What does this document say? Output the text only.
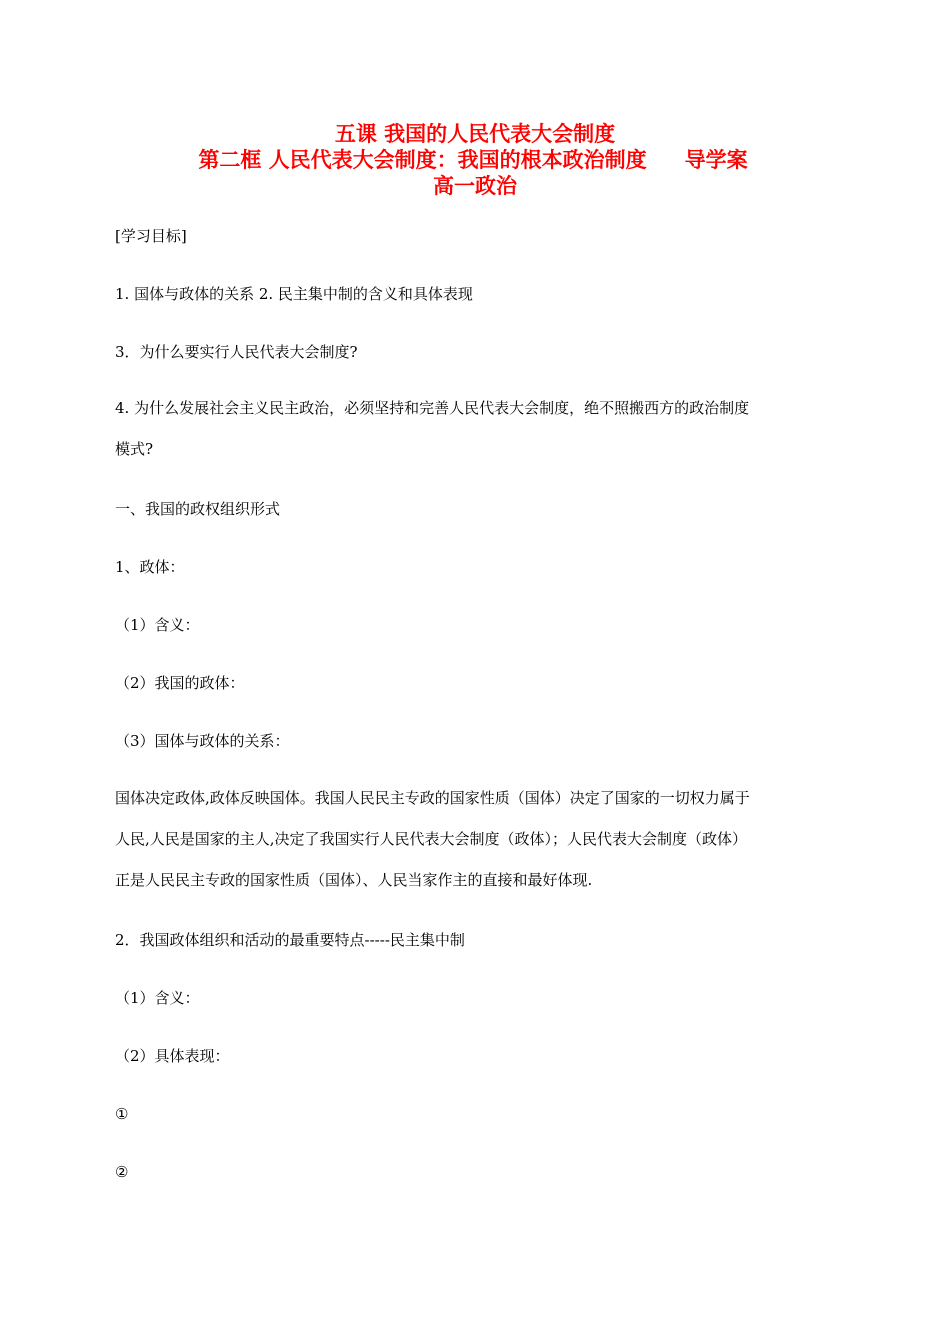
五课 我国的人民代表大会制度
第二框 人民代表大会制度：我国的根本政治制度 导学案
高一政治
[学习目标]
1. 国体与政体的关系 2. 民主集中制的含义和具体表现
3．为什么要实行人民代表大会制度?
4. 为什么发展社会主义民主政治，必须坚持和完善人民代表大会制度，绝不照搬西方的政治制度
模式?
一、我国的政权组织形式
1、政体：
（1）含义：
（2）我国的政体：
（3）国体与政体的关系：
国体决定政体,政体反映国体。我国人民民主专政的国家性质（国体）决定了国家的一切权力属于
人民,人民是国家的主人,决定了我国实行人民代表大会制度（政体）；人民代表大会制度（政体）
正是人民民主专政的国家性质（国体）、人民当家作主的直接和最好体现.
2．我国政体组织和活动的最重要特点-----民主集中制
（1）含义：
（2）具体表现：
①
②
